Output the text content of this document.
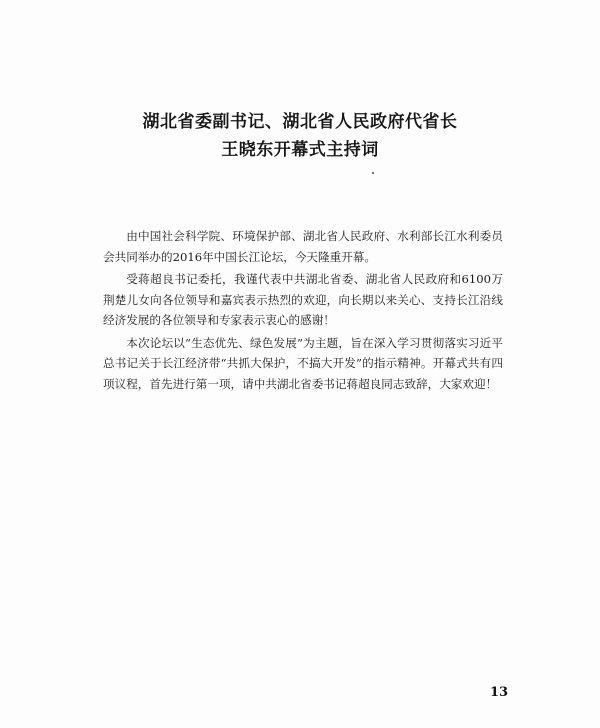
湖北省委副书记、湖北省人民政府代省长
王晓东开幕式主持词

由中国社会科学院、环境保护部、湖北省人民政府、水利部长江水利委员会共同举办的2016年中国长江论坛，今天隆重开幕。

受蒋超良书记委托，我谨代表中共湖北省委、湖北省人民政府和6100万荆楚儿女向各位领导和嘉宾表示热烈的欢迎，向长期以来关心、支持长江沿线经济发展的各位领导和专家表示衷心的感谢！

本次论坛以“生态优先、绿色发展”为主题，旨在深入学习贯彻落实习近平总书记关于长江经济带“共抓大保护，不搞大开发”的指示精神。开幕式共有四项议程，首先进行第一项，请中共湖北省委书记蒋超良同志致辞，大家欢迎！

13
